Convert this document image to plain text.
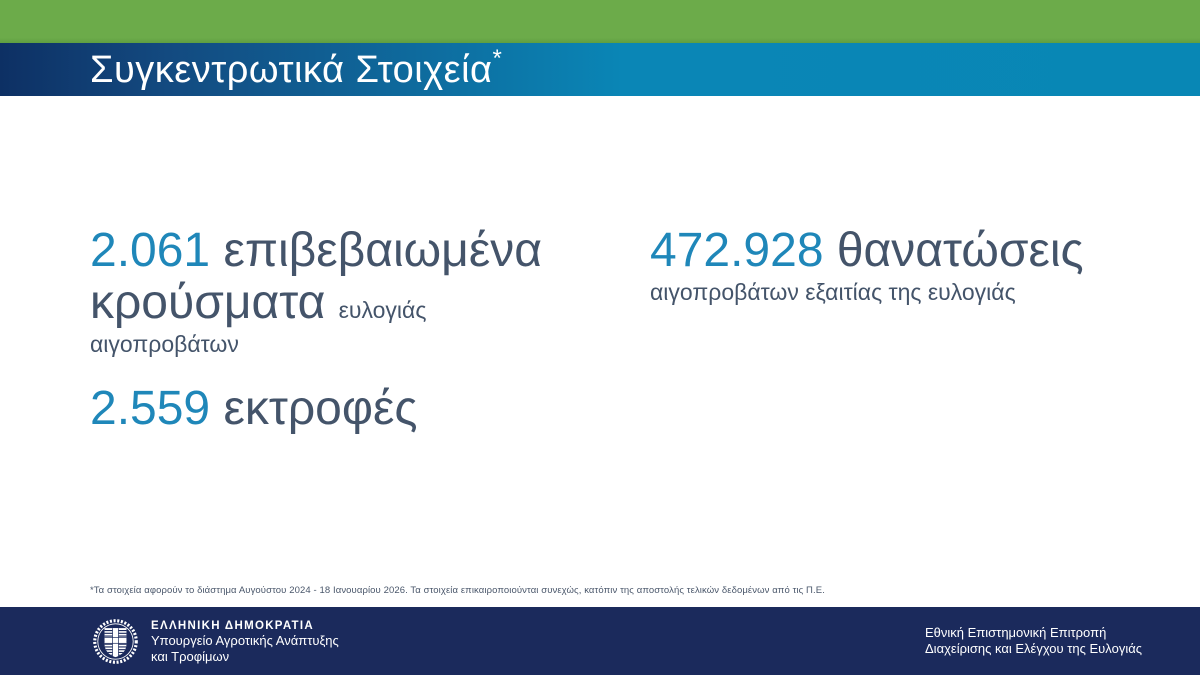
Συγκεντρωτικά Στοιχεία*
2.061 επιβεβαιωμένα
κρούσματα ευλογιάς
αιγοπροβάτων
472.928 θανατώσεις
αιγοπροβάτων εξαιτίας της ευλογιάς
2.559 εκτροφές
*Τα στοιχεία αφορούν το διάστημα Αυγούστου 2024 - 18 Ιανουαρίου 2026. Τα στοιχεία επικαιροποιούνται συνεχώς, κατόπιν της αποστολής τελικών δεδομένων από τις Π.Ε.
ΕΛΛΗΝΙΚΗ ΔΗΜΟΚΡΑΤΙΑ
Υπουργείο Αγροτικής Ανάπτυξης
και Τροφίμων
Εθνική Επιστημονική Επιτροπή
Διαχείρισης και Ελέγχου της Ευλογιάς
